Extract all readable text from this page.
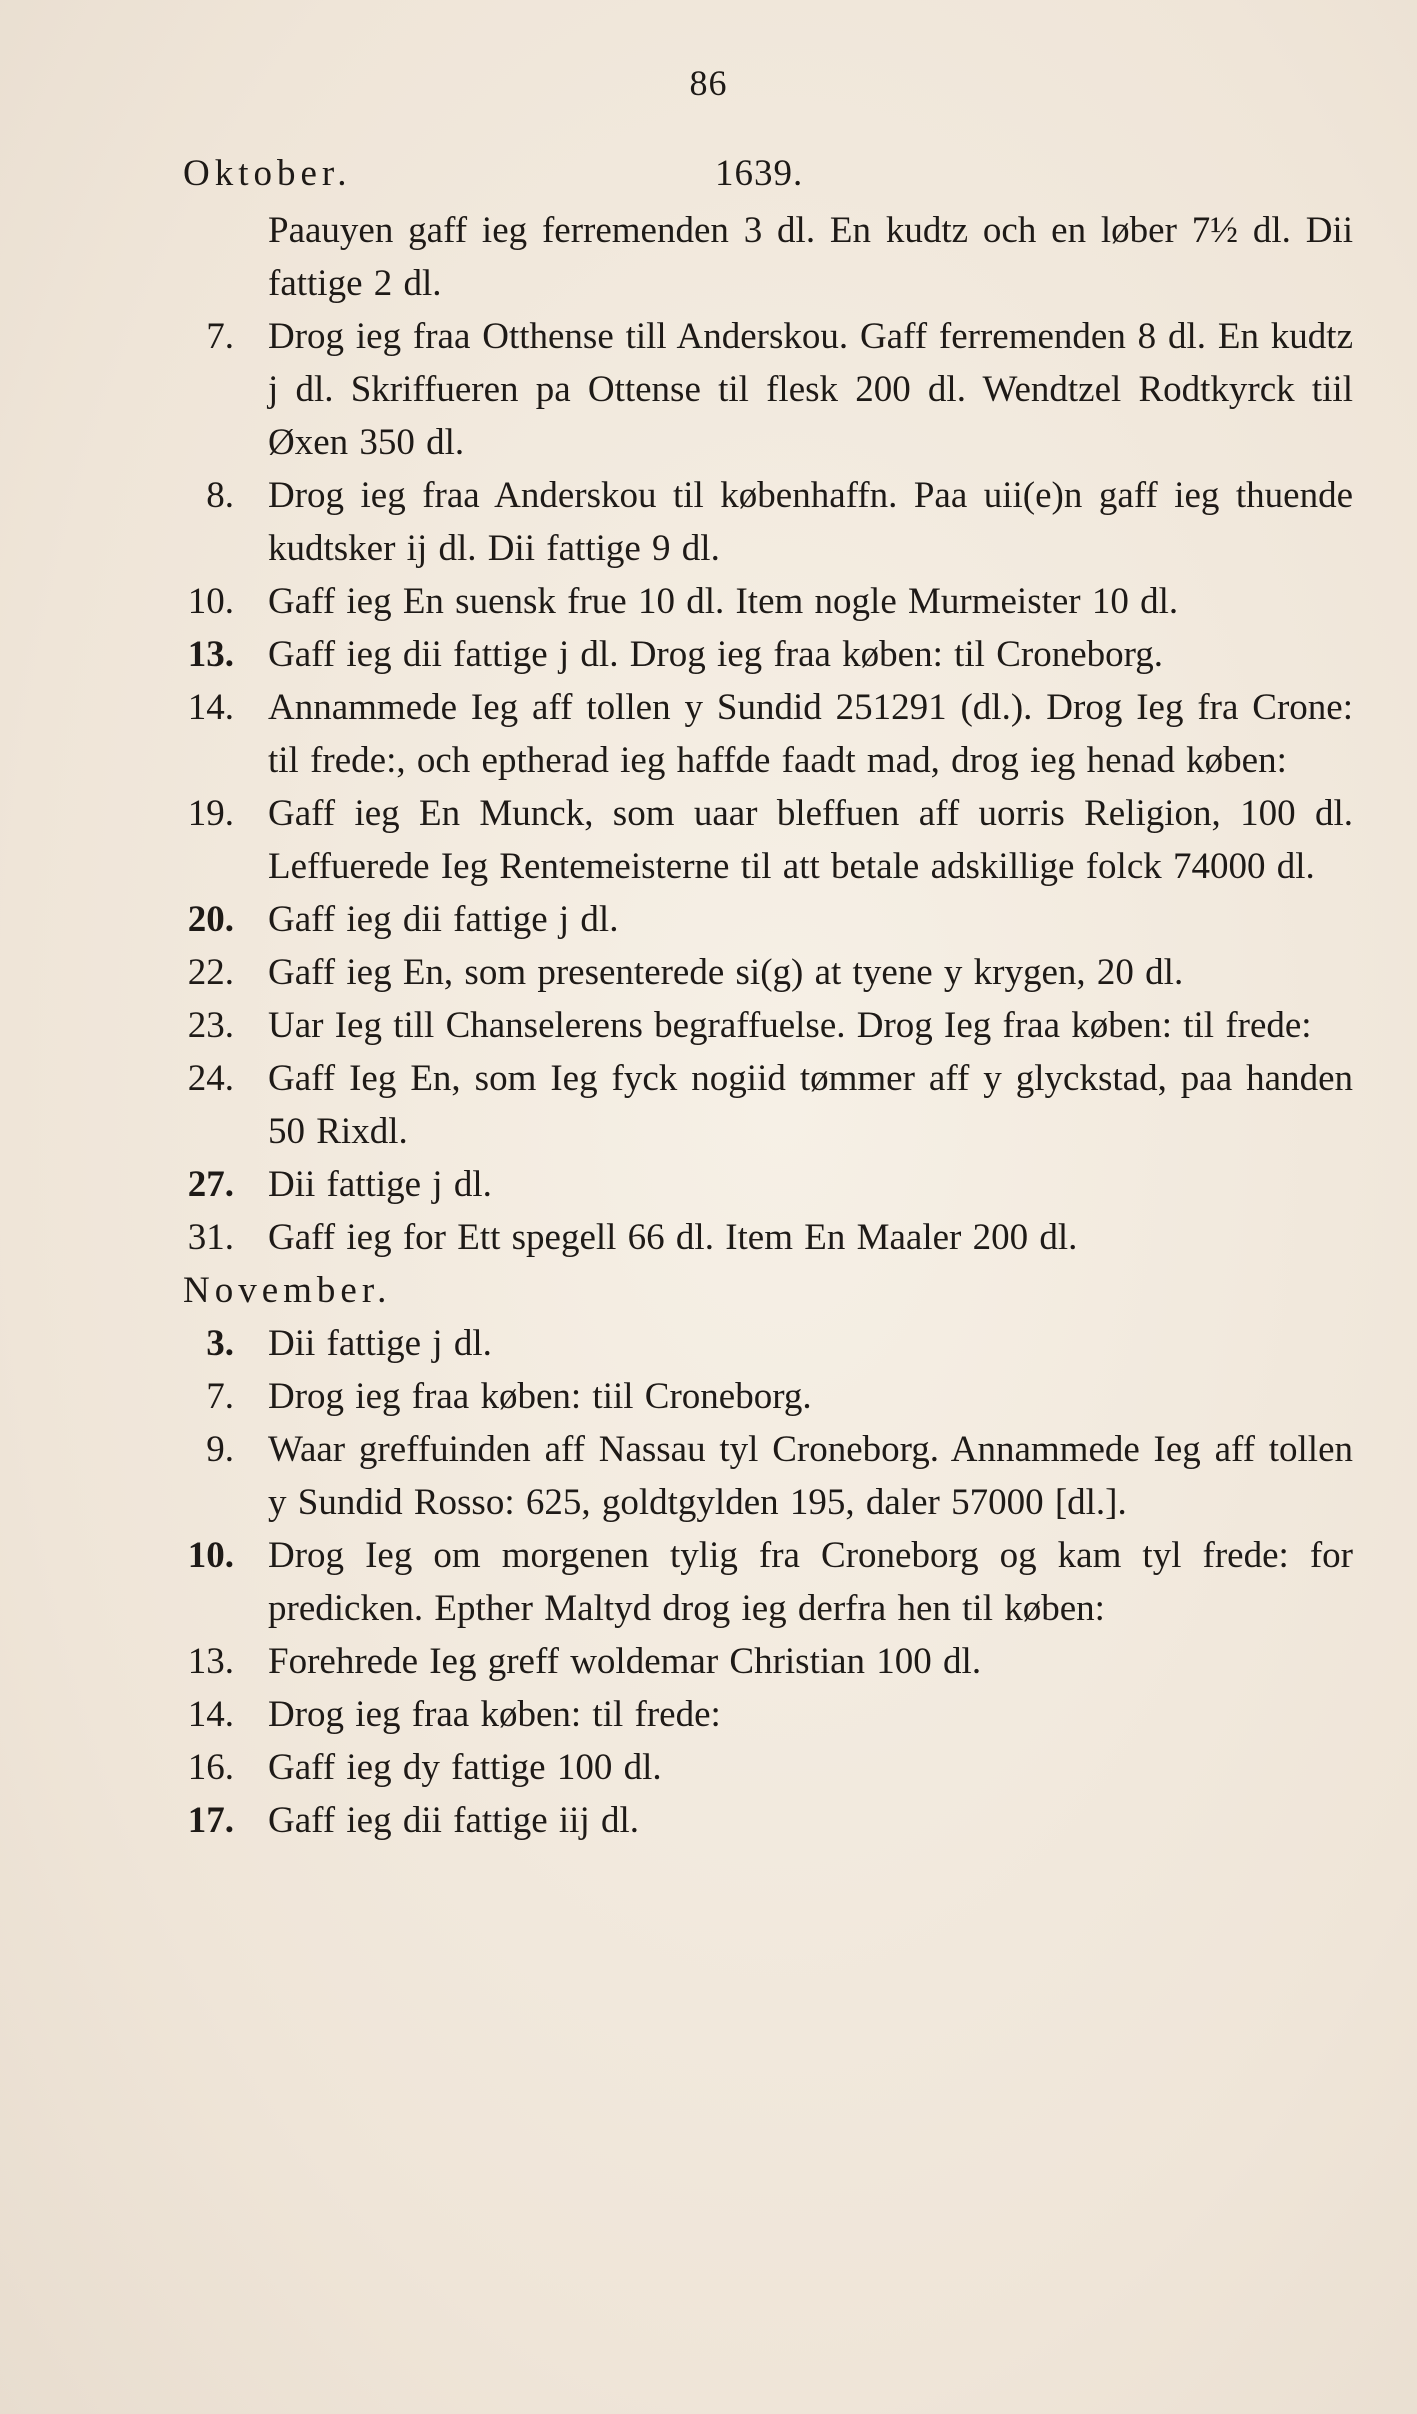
86
Oktober.	1639.
Paauyen gaff ieg ferremenden 3 dl. En kudtz och en løber 7½ dl. Dii fattige 2 dl.
7. Drog ieg fraa Otthense till Anderskou. Gaff ferremenden 8 dl. En kudtz j dl. Skriffueren pa Ottense til flesk 200 dl. Wendtzel Rodtkyrck tiil Øxen 350 dl.
8. Drog ieg fraa Anderskou til københaffn. Paa uii(e)n gaff ieg thuende kudtsker ij dl. Dii fattige 9 dl.
10. Gaff ieg En suensk frue 10 dl. Item nogle Murmeister 10 dl.
13. Gaff ieg dii fattige j dl. Drog ieg fraa køben: til Croneborg.
14. Annammede Ieg aff tollen y Sundid 251291 (dl.). Drog Ieg fra Crone: til frede:, och eptherad ieg haffde faadt mad, drog ieg henad køben:
19. Gaff ieg En Munck, som uaar bleffuen aff uorris Religion, 100 dl. Leffuerede Ieg Rentemeisterne til att betale adskillige folck 74000 dl.
20. Gaff ieg dii fattige j dl.
22. Gaff ieg En, som presenterede si(g) at tyene y krygen, 20 dl.
23. Uar Ieg till Chanselerens begraffuelse. Drog Ieg fraa køben: til frede:
24. Gaff Ieg En, som Ieg fyck nogiid tømmer aff y glyckstad, paa handen 50 Rixdl.
27. Dii fattige j dl.
31. Gaff ieg for Ett spegell 66 dl. Item En Maaler 200 dl.
November.
3. Dii fattige j dl.
7. Drog ieg fraa køben: tiil Croneborg.
9. Waar greffuinden aff Nassau tyl Croneborg. Annammede Ieg aff tollen y Sundid Rosso: 625, goldtgylden 195, daler 57000 [dl.].
10. Drog Ieg om morgenen tylig fra Croneborg og kam tyl frede: for predicken. Epther Maltyd drog ieg derfra hen til køben:
13. Forehrede Ieg greff woldemar Christian 100 dl.
14. Drog ieg fraa køben: til frede:
16. Gaff ieg dy fattige 100 dl.
17. Gaff ieg dii fattige iij dl.
